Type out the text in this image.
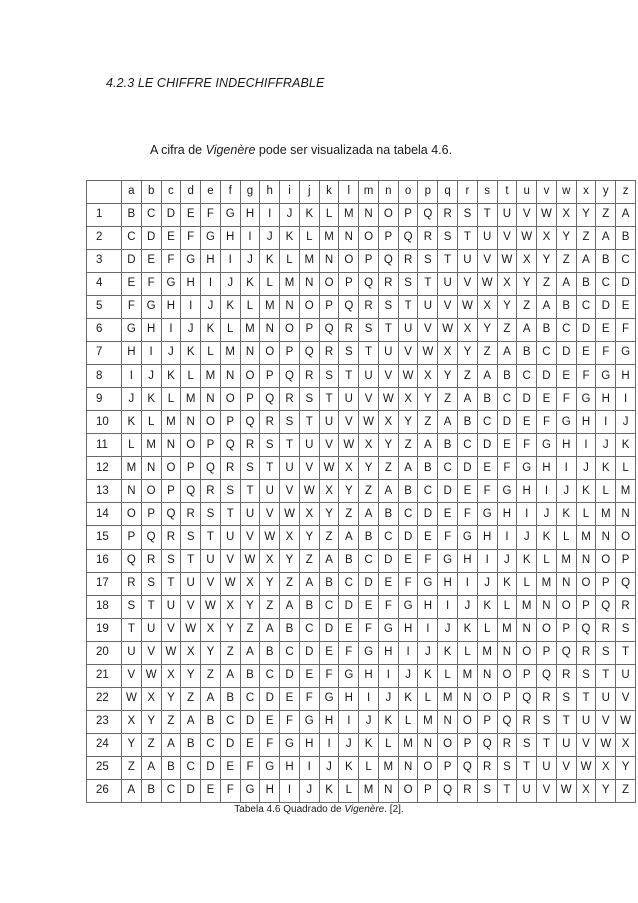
4.2.3 LE CHIFFRE INDECHIFFRABLE
A cifra de Vigenère pode ser visualizada na tabela 4.6.
	a	b	c	d	e	f	g	h	i	j	k	l	m	n	o	p	q	r	s	t	u	v	w	x	y	z
1	B	C	D	E	F	G	H	I	J	K	L	M	N	O	P	Q	R	S	T	U	V	W	X	Y	Z	A
2	C	D	E	F	G	H	I	J	K	L	M	N	O	P	Q	R	S	T	U	V	W	X	Y	Z	A	B
3	D	E	F	G	H	I	J	K	L	M	N	O	P	Q	R	S	T	U	V	W	X	Y	Z	A	B	C
4	E	F	G	H	I	J	K	L	M	N	O	P	Q	R	S	T	U	V	W	X	Y	Z	A	B	C	D
5	F	G	H	I	J	K	L	M	N	O	P	Q	R	S	T	U	V	W	X	Y	Z	A	B	C	D	E
6	G	H	I	J	K	L	M	N	O	P	Q	R	S	T	U	V	W	X	Y	Z	A	B	C	D	E	F
7	H	I	J	K	L	M	N	O	P	Q	R	S	T	U	V	W	X	Y	Z	A	B	C	D	E	F	G
8	I	J	K	L	M	N	O	P	Q	R	S	T	U	V	W	X	Y	Z	A	B	C	D	E	F	G	H
9	J	K	L	M	N	O	P	Q	R	S	T	U	V	W	X	Y	Z	A	B	C	D	E	F	G	H	I
10	K	L	M	N	O	P	Q	R	S	T	U	V	W	X	Y	Z	A	B	C	D	E	F	G	H	I	J
11	L	M	N	O	P	Q	R	S	T	U	V	W	X	Y	Z	A	B	C	D	E	F	G	H	I	J	K
12	M	N	O	P	Q	R	S	T	U	V	W	X	Y	Z	A	B	C	D	E	F	G	H	I	J	K	L
13	N	O	P	Q	R	S	T	U	V	W	X	Y	Z	A	B	C	D	E	F	G	H	I	J	K	L	M
14	O	P	Q	R	S	T	U	V	W	X	Y	Z	A	B	C	D	E	F	G	H	I	J	K	L	M	N
15	P	Q	R	S	T	U	V	W	X	Y	Z	A	B	C	D	E	F	G	H	I	J	K	L	M	N	O
16	Q	R	S	T	U	V	W	X	Y	Z	A	B	C	D	E	F	G	H	I	J	K	L	M	N	O	P
17	R	S	T	U	V	W	X	Y	Z	A	B	C	D	E	F	G	H	I	J	K	L	M	N	O	P	Q
18	S	T	U	V	W	X	Y	Z	A	B	C	D	E	F	G	H	I	J	K	L	M	N	O	P	Q	R
19	T	U	V	W	X	Y	Z	A	B	C	D	E	F	G	H	I	J	K	L	M	N	O	P	Q	R	S
20	U	V	W	X	Y	Z	A	B	C	D	E	F	G	H	I	J	K	L	M	N	O	P	Q	R	S	T
21	V	W	X	Y	Z	A	B	C	D	E	F	G	H	I	J	K	L	M	N	O	P	Q	R	S	T	U
22	W	X	Y	Z	A	B	C	D	E	F	G	H	I	J	K	L	M	N	O	P	Q	R	S	T	U	V
23	X	Y	Z	A	B	C	D	E	F	G	H	I	J	K	L	M	N	O	P	Q	R	S	T	U	V	W
24	Y	Z	A	B	C	D	E	F	G	H	I	J	K	L	M	N	O	P	Q	R	S	T	U	V	W	X
25	Z	A	B	C	D	E	F	G	H	I	J	K	L	M	N	O	P	Q	R	S	T	U	V	W	X	Y
26	A	B	C	D	E	F	G	H	I	J	K	L	M	N	O	P	Q	R	S	T	U	V	W	X	Y	Z
Tabela 4.6 Quadrado de Vigenère. [2].
